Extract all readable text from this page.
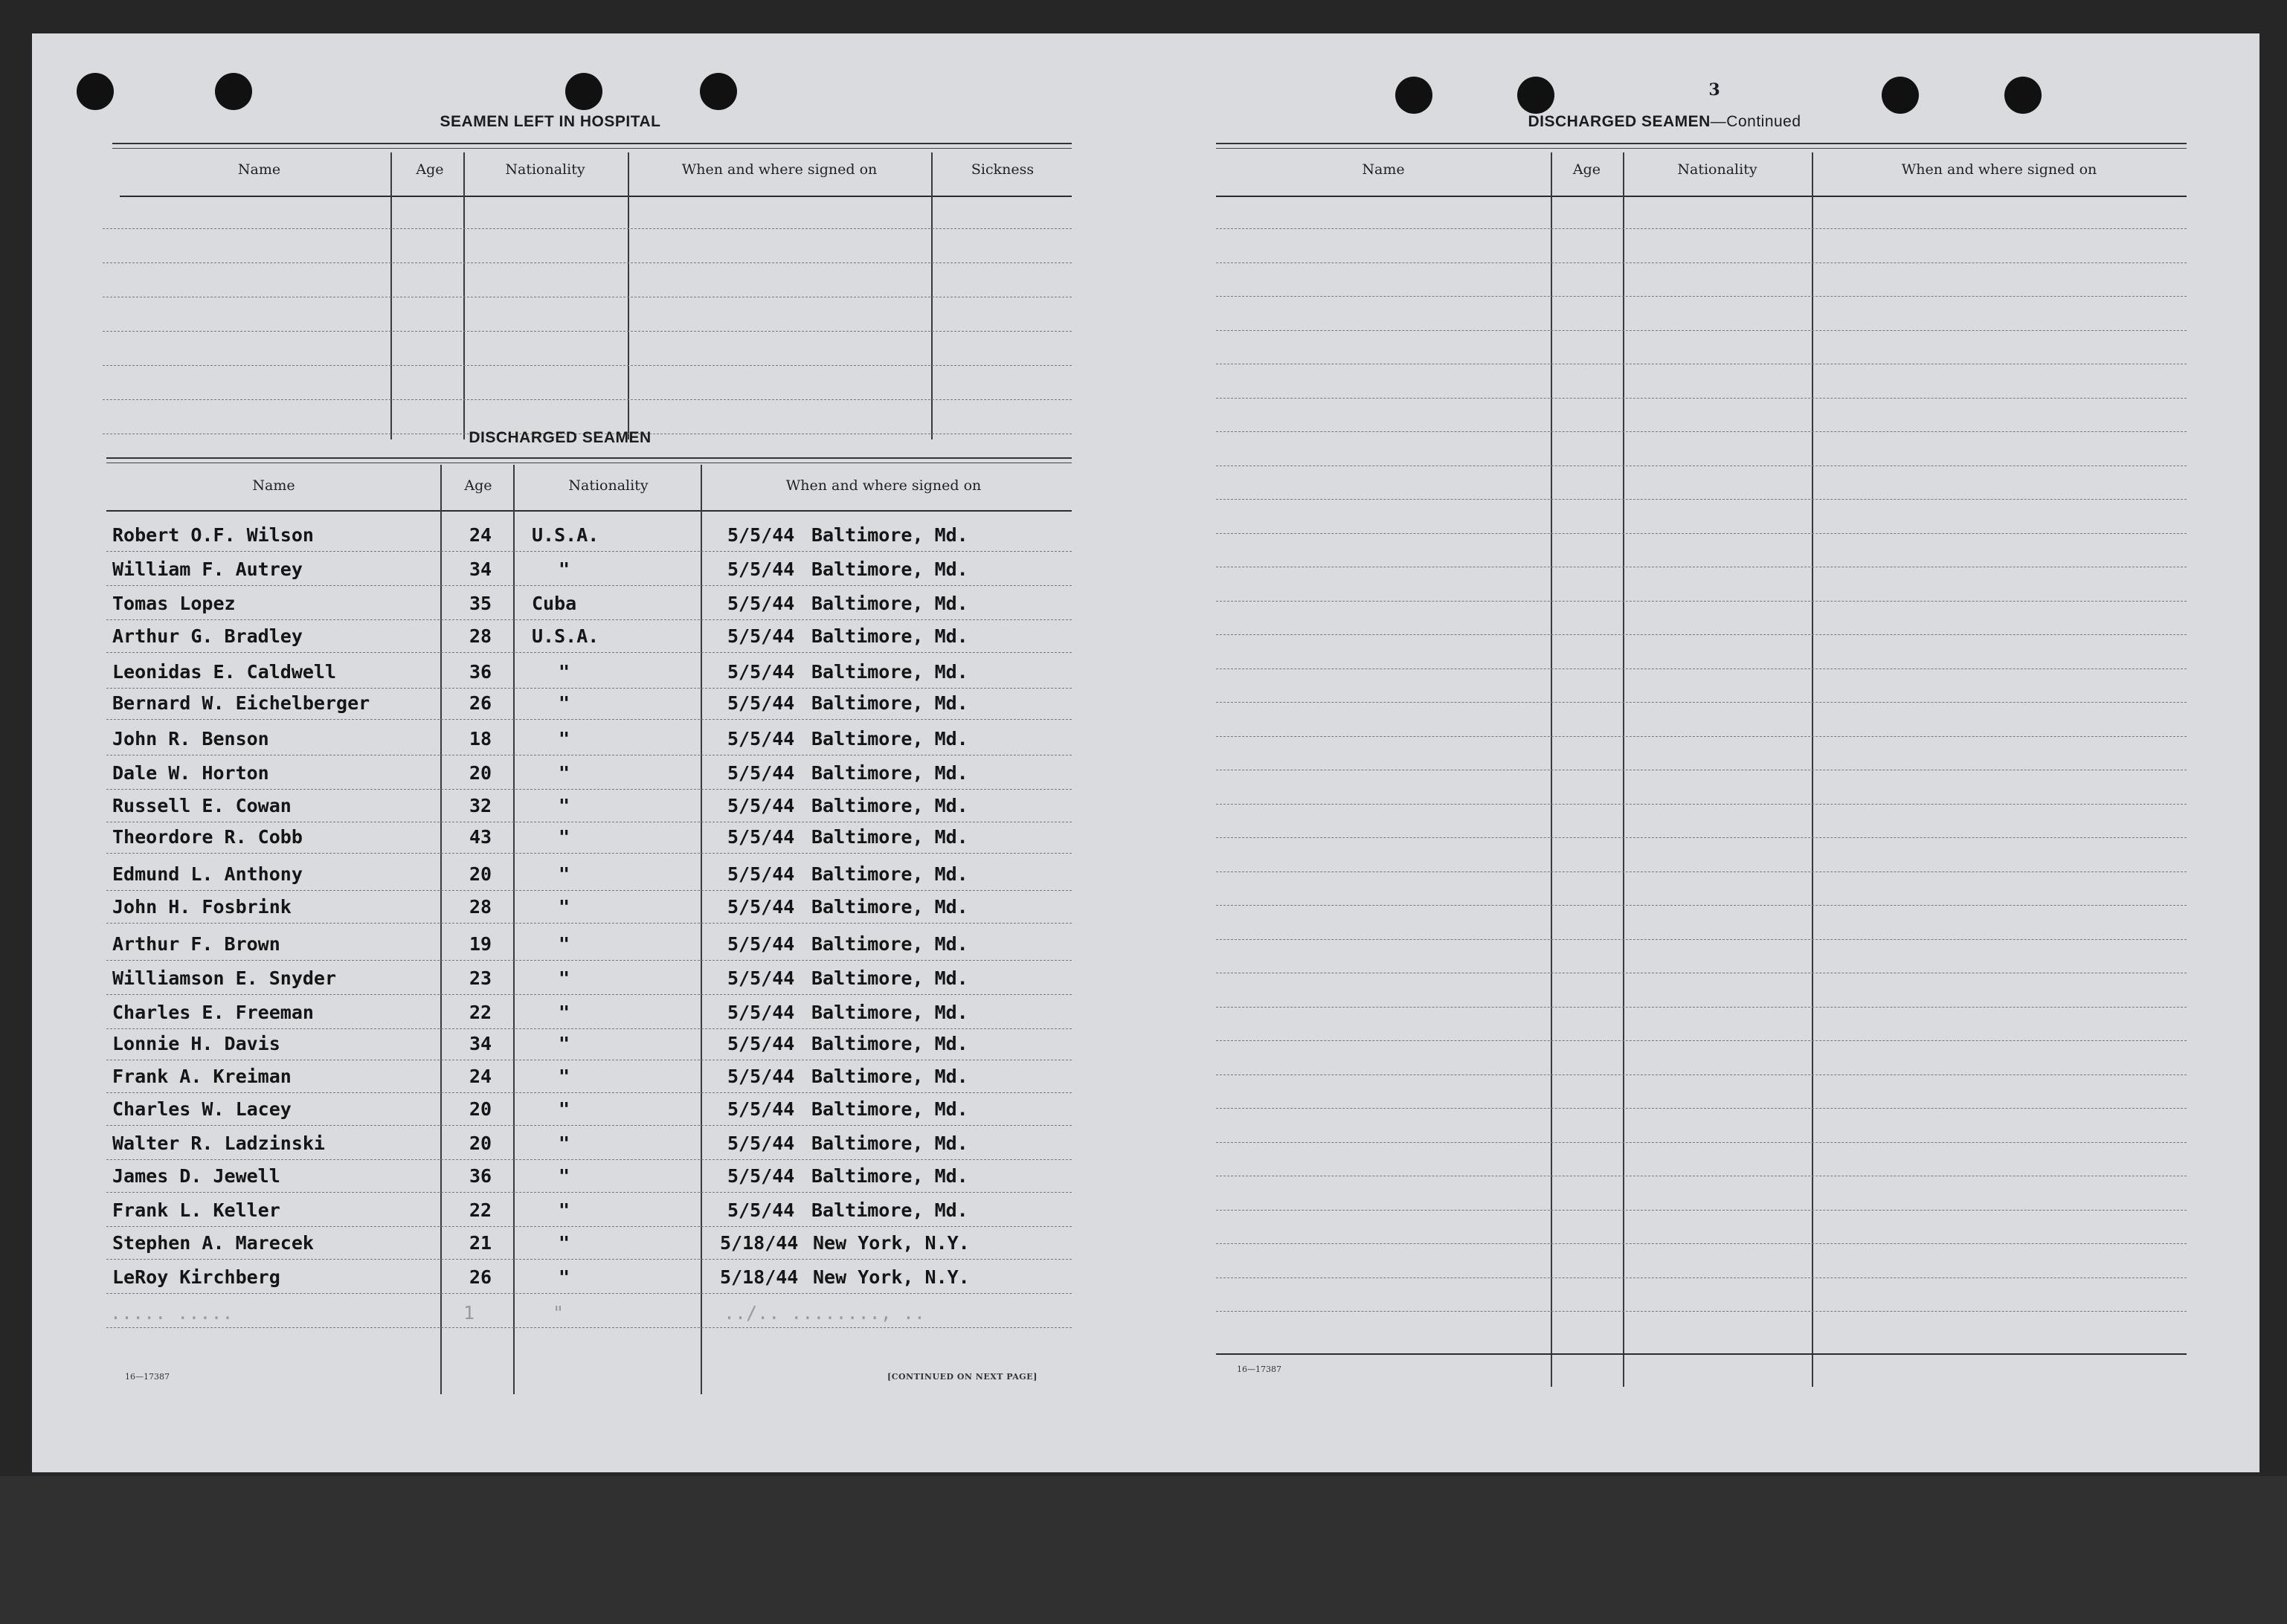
SEAMEN LEFT IN HOSPITAL
Name	Age	Nationality	When and where signed on	Sickness
DISCHARGED SEAMEN
Name	Age	Nationality	When and where signed on
Robert O.F. Wilson	24 U.S.A.	5/5/44 Baltimore, Md.
William F. Autrey	34	"	5/5/44 Baltimore, Md.
Tomas Lopez	35 Cuba	5/5/44 Baltimore, Md.
Arthur G. Bradley	28 U.S.A.	5/5/44 Baltimore, Md.
Leonidas E. Caldwell	36	"	5/5/44 Baltimore, Md.
Bernard W. Eichelberger	26	"	5/5/44 Baltimore, Md.
John R. Benson	18	"	5/5/44 Baltimore, Md.
Dale W. Horton	20	"	5/5/44 Baltimore, Md.
Russell E. Cowan	32	"	5/5/44 Baltimore, Md.
Theordore R. Cobb	43	"	5/5/44 Baltimore, Md.
Edmund L. Anthony	20	"	5/5/44 Baltimore, Md.
John H. Fosbrink	28	"	5/5/44 Baltimore, Md.
Arthur F. Brown	19	"	5/5/44 Baltimore, Md.
Williamson E. Snyder	23	"	5/5/44 Baltimore, Md.
Charles E. Freeman	22	"	5/5/44 Baltimore, Md.
Lonnie H. Davis	34	"	5/5/44 Baltimore, Md.
Frank A. Kreiman	24	"	5/5/44 Baltimore, Md.
Charles W. Lacey	20	"	5/5/44 Baltimore, Md.
Walter R. Ladzinski	20	"	5/5/44 Baltimore, Md.
James D. Jewell	36	"	5/5/44 Baltimore, Md.
Frank L. Keller	22	"	5/5/44 Baltimore, Md.
Stephen A. Marecek	21	"	5/18/44 New York, N.Y.
LeRoy Kirchberg	26	"	5/18/44 New York, N.Y.
..... .....	1	"	../.. ........, ..
16—17387	[CONTINUED ON NEXT PAGE]
3
DISCHARGED SEAMEN—Continued
Name	Age	Nationality	When and where signed on
16—17387
